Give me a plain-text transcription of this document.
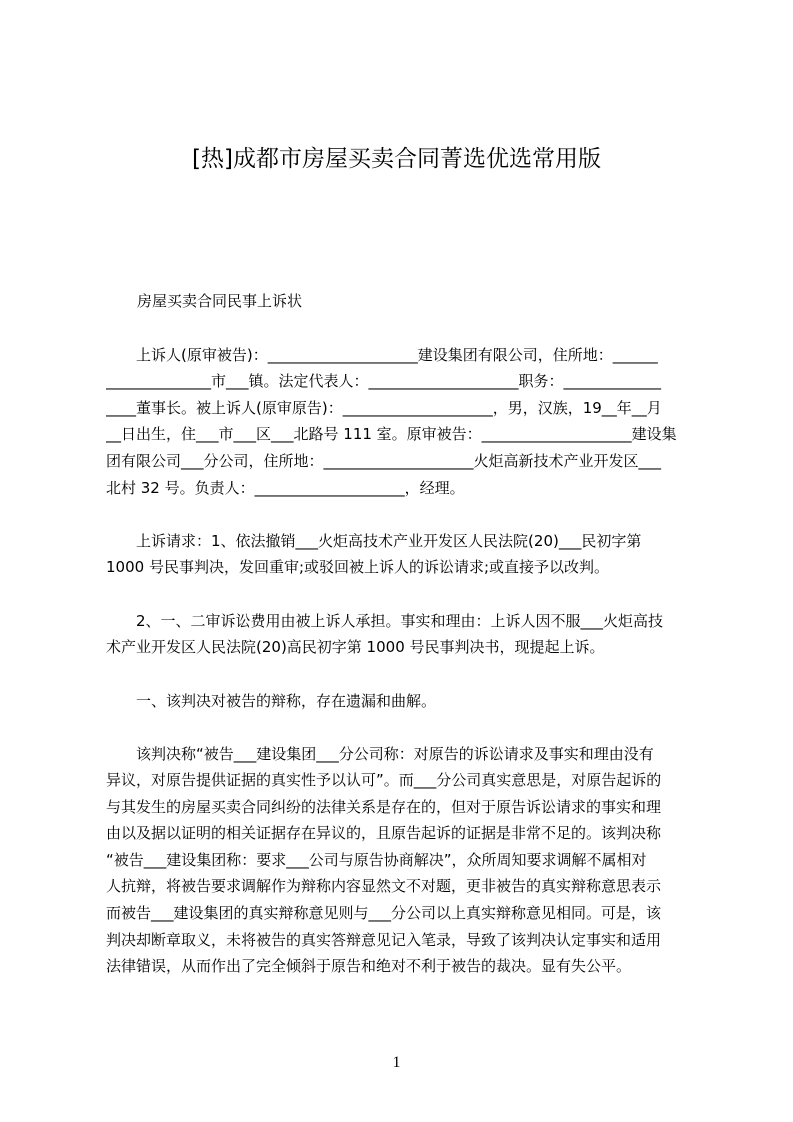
[热]成都市房屋买卖合同菁选优选常用版
房屋买卖合同民事上诉状
　　上诉人(原审被告)：____________________建设集团有限公司，住所地：______
______________市___镇。法定代表人：____________________职务：_____________
____董事长。被上诉人(原审原告)：____________________，男，汉族，19__年__月
__日出生，住___市___区___北路号 111 室。原审被告：____________________建设集
团有限公司___分公司，住所地：____________________火炬高新技术产业开发区___
北村 32 号。负责人：____________________，经理。
　　上诉请求：1、依法撤销___火炬高技术产业开发区人民法院(20)___民初字第
1000 号民事判决，发回重审;或驳回被上诉人的诉讼请求;或直接予以改判。
　　2、一、二审诉讼费用由被上诉人承担。事实和理由：上诉人因不服___火炬高技
术产业开发区人民法院(20)高民初字第 1000 号民事判决书，现提起上诉。
　　一、该判决对被告的辩称，存在遗漏和曲解。
　　该判决称“被告___建设集团___分公司称：对原告的诉讼请求及事实和理由没有
异议，对原告提供证据的真实性予以认可”。而___分公司真实意思是，对原告起诉的
与其发生的房屋买卖合同纠纷的法律关系是存在的，但对于原告诉讼请求的事实和理
由以及据以证明的相关证据存在异议的，且原告起诉的证据是非常不足的。该判决称
“被告___建设集团称：要求___公司与原告协商解决”，众所周知要求调解不属相对
人抗辩，将被告要求调解作为辩称内容显然文不对题，更非被告的真实辩称意思表示
而被告___建设集团的真实辩称意见则与___分公司以上真实辩称意见相同。可是，该
判决却断章取义，未将被告的真实答辩意见记入笔录，导致了该判决认定事实和适用
法律错误，从而作出了完全倾斜于原告和绝对不利于被告的裁决。显有失公平。
1
